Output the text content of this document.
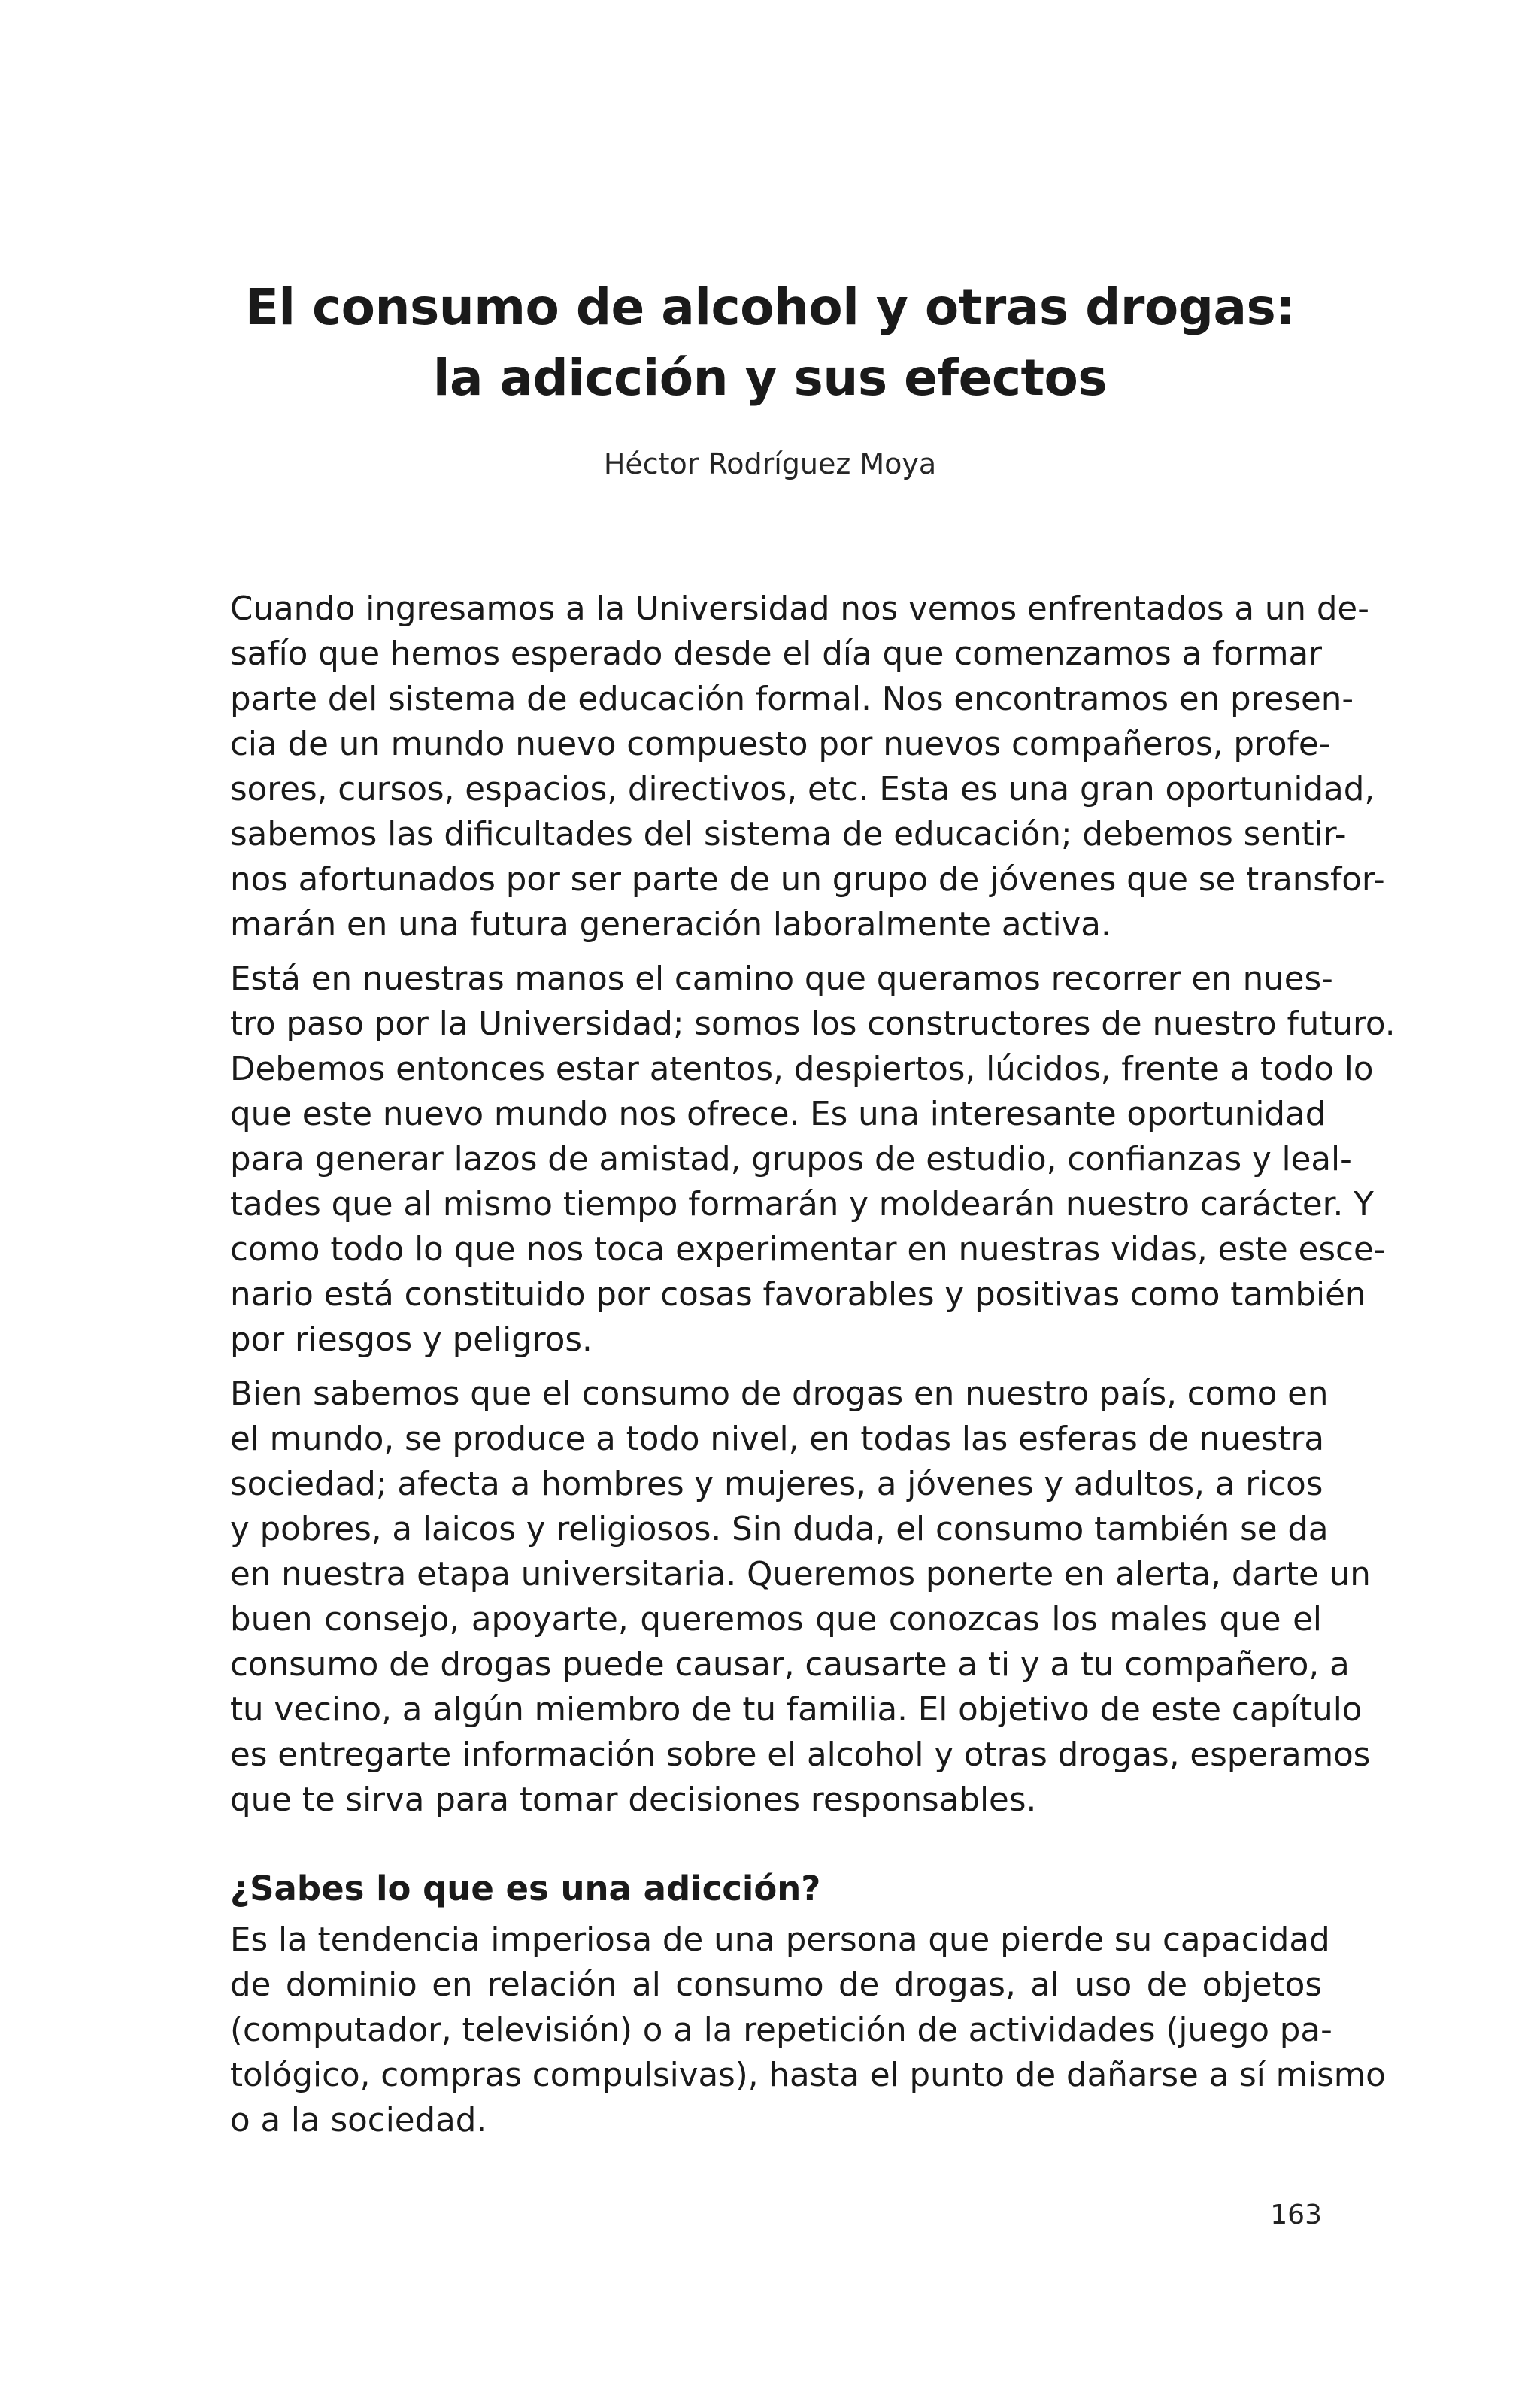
El consumo de alcohol y otras drogas:
la adicción y sus efectos
Héctor Rodríguez Moya
Cuando ingresamos a la Universidad nos vemos enfrentados a un de-
safío que hemos esperado desde el día que comenzamos a formar
parte del sistema de educación formal. Nos encontramos en presen-
cia de un mundo nuevo compuesto por nuevos compañeros, profe-
sores, cursos, espacios, directivos, etc. Esta es una gran oportunidad,
sabemos las dificultades del sistema de educación; debemos sentir-
nos afortunados por ser parte de un grupo de jóvenes que se transfor-
marán en una futura generación laboralmente activa.
Está en nuestras manos el camino que queramos recorrer en nues-
tro paso por la Universidad; somos los constructores de nuestro futuro.
Debemos entonces estar atentos, despiertos, lúcidos, frente a todo lo
que este nuevo mundo nos ofrece. Es una interesante oportunidad
para generar lazos de amistad, grupos de estudio, confianzas y leal-
tades que al mismo tiempo formarán y moldearán nuestro carácter. Y
como todo lo que nos toca experimentar en nuestras vidas, este esce-
nario está constituido por cosas favorables y positivas como también
por riesgos y peligros.
Bien sabemos que el consumo de drogas en nuestro país, como en
el mundo, se produce a todo nivel, en todas las esferas de nuestra
sociedad; afecta a hombres y mujeres, a jóvenes y adultos, a ricos
y pobres, a laicos y religiosos. Sin duda, el consumo también se da
en nuestra etapa universitaria. Queremos ponerte en alerta, darte un
buen consejo, apoyarte, queremos que conozcas los males que el
consumo de drogas puede causar, causarte a ti y a tu compañero, a
tu vecino, a algún miembro de tu familia. El objetivo de este capítulo
es entregarte información sobre el alcohol y otras drogas, esperamos
que te sirva para tomar decisiones responsables.
¿Sabes lo que es una adicción?
Es la tendencia imperiosa de una persona que pierde su capacidad
de dominio en relación al consumo de drogas, al uso de objetos
(computador, televisión) o a la repetición de actividades (juego pa-
tológico, compras compulsivas), hasta el punto de dañarse a sí mismo
o a la sociedad.
163
